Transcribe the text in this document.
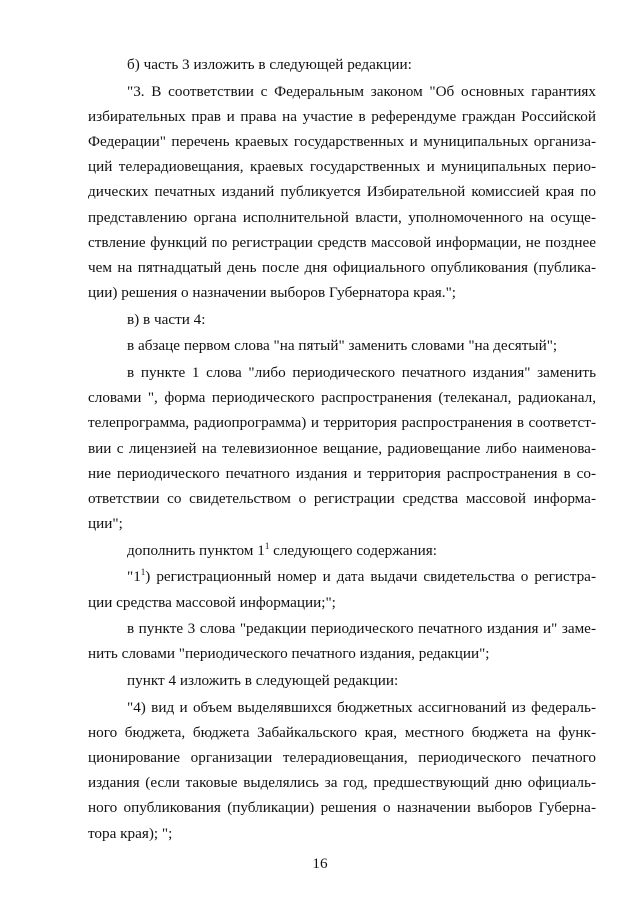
б) часть 3 изложить в следующей редакции:

"3. В соответствии с Федеральным законом "Об основных гарантиях избирательных прав и права на участие в референдуме граждан Российской Федерации" перечень краевых государственных и муниципальных организаций телерадиовещания, краевых государственных и муниципальных периодических печатных изданий публикуется Избирательной комиссией края по представлению органа исполнительной власти, уполномоченного на осуществление функций по регистрации средств массовой информации, не позднее чем на пятнадцатый день после дня официального опубликования (публикации) решения о назначении выборов Губернатора края.";

в) в части 4:

в абзаце первом слова "на пятый" заменить словами "на десятый";

в пункте 1 слова "либо периодического печатного издания" заменить словами ", форма периодического распространения (телеканал, радиоканал, телепрограмма, радиопрограмма) и территория распространения в соответствии с лицензией на телевизионное вещание, радиовещание либо наименование периодического печатного издания и территория распространения в соответствии со свидетельством о регистрации средства массовой информации";

дополнить пунктом $1^1$ следующего содержания:

"$1^1$) регистрационный номер и дата выдачи свидетельства о регистрации средства массовой информации;";

в пункте 3 слова "редакции периодического печатного издания и" заменить словами "периодического печатного издания, редакции";

пункт 4 изложить в следующей редакции:

"4) вид и объем выделявшихся бюджетных ассигнований из федерального бюджета, бюджета Забайкальского края, местного бюджета на функционирование организации телерадиовещания, периодического печатного издания (если таковые выделялись за год, предшествующий дню официального опубликования (публикации) решения о назначении выборов Губернатора края); ";

16
